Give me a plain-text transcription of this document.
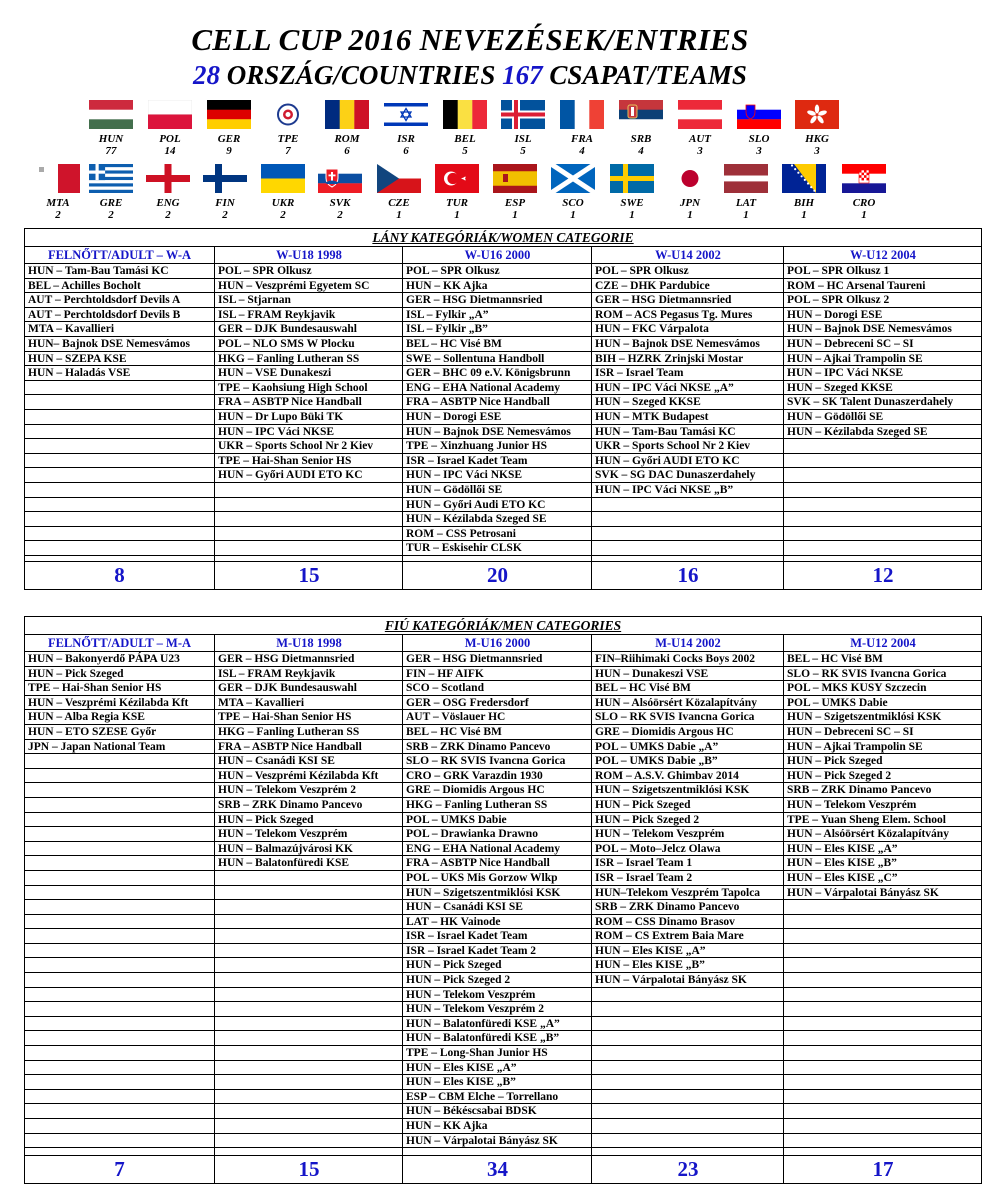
CELL CUP 2016 NEVEZÉSEK/ENTRIES
28 ORSZÁG/COUNTRIES 167 CSAPAT/TEAMS
HUN
77
POL
14
GER
9
TPE
7
ROM
6
ISR
6
BEL
5
ISL
5
FRA
4
SRB
4
AUT
3
SLO
3
HKG
3
MTA
2
GRE
2
ENG
2
FIN
2
UKR
2
SVK
2
CZE
1
TUR
1
ESP
1
SCO
1
SWE
1
JPN
1
LAT
1
BIH
1
CRO
1
LÁNY KATEGÓRIÁK/WOMEN CATEGORIE
FELNŐTT/ADULT – W-A
HUN – Tam-Bau Tamási KC
BEL – Achilles Bocholt
AUT – Perchtoldsdorf Devils A
AUT – Perchtoldsdorf Devils B
MTA – Kavallieri
HUN– Bajnok DSE Nemesvámos
HUN – SZEPA KSE
HUN – Haladás VSE
8
W-U18 1998
POL – SPR Olkusz
HUN – Veszprémi Egyetem SC
ISL – Stjarnan
ISL – FRAM Reykjavik
GER – DJK Bundesauswahl
POL – NLO SMS W Plocku
HKG – Fanling Lutheran SS
HUN – VSE Dunakeszi
TPE – Kaohsiung High School
FRA – ASBTP Nice Handball
HUN – Dr Lupo Büki TK
HUN – IPC Váci NKSE
UKR – Sports School Nr 2 Kiev
TPE – Hai-Shan Senior HS
HUN – Győri AUDI ETO KC
15
W-U16 2000
POL – SPR Olkusz
HUN – KK Ajka
GER – HSG Dietmannsried
ISL – Fylkir „A”
ISL – Fylkir „B”
BEL – HC Visé BM
SWE – Sollentuna Handboll
GER – BHC 09 e.V. Königsbrunn
ENG – EHA National Academy
FRA – ASBTP Nice Handball
HUN – Dorogi ESE
HUN – Bajnok DSE Nemesvámos
TPE – Xinzhuang Junior HS
ISR – Israel Kadet Team
HUN – IPC Váci NKSE
HUN – Gödöllői SE
HUN – Győri Audi ETO KC
HUN – Kézilabda Szeged SE
ROM – CSS Petrosani
TUR – Eskisehir CLSK
20
W-U14 2002
POL – SPR Olkusz
CZE – DHK Pardubice
GER – HSG Dietmannsried
ROM – ACS Pegasus Tg. Mures
HUN – FKC Várpalota
HUN – Bajnok DSE Nemesvámos
BIH – HZRK Zrinjski Mostar
ISR – Israel Team
HUN – IPC Váci NKSE „A”
HUN – Szeged KKSE
HUN – MTK Budapest
HUN – Tam-Bau Tamási KC
UKR – Sports School Nr 2 Kiev
HUN – Győri AUDI ETO KC
SVK – SG DAC Dunaszerdahely
HUN – IPC Váci NKSE „B”
16
W-U12 2004
POL – SPR Olkusz 1
ROM – HC Arsenal Taureni
POL – SPR Olkusz 2
HUN – Dorogi ESE
HUN – Bajnok DSE Nemesvámos
HUN – Debreceni SC – SI
HUN – Ajkai Trampolin SE
HUN – IPC Váci NKSE
HUN – Szeged KKSE
SVK – SK Talent Dunaszerdahely
HUN – Gödöllői SE
HUN – Kézilabda Szeged SE
12
FIÚ KATEGÓRIÁK/MEN CATEGORIES
FELNŐTT/ADULT – M-A
HUN – Bakonyerdő PÁPA U23
HUN – Pick Szeged
TPE – Hai-Shan Senior HS
HUN – Veszprémi Kézilabda Kft
HUN – Alba Regia KSE
HUN – ETO SZESE Győr
JPN – Japan National Team
7
M-U18 1998
GER – HSG Dietmannsried
ISL – FRAM Reykjavik
GER – DJK Bundesauswahl
MTA – Kavallieri
TPE – Hai-Shan Senior HS
HKG – Fanling Lutheran SS
FRA – ASBTP Nice Handball
HUN – Csanádi KSI SE
HUN – Veszprémi Kézilabda Kft
HUN – Telekom Veszprém 2
SRB – ZRK Dinamo Pancevo
HUN – Pick Szeged
HUN – Telekom Veszprém
HUN – Balmazújvárosi KK
HUN – Balatonfüredi KSE
15
M-U16 2000
GER – HSG Dietmannsried
FIN – HF AIFK
SCO – Scotland
GER – OSG Fredersdorf
AUT – Vöslauer HC
BEL – HC Visé BM
SRB – ZRK Dinamo Pancevo
SLO – RK SVIS Ivancna Gorica
CRO – GRK Varazdin 1930
GRE – Diomidis Argous HC
HKG – Fanling Lutheran SS
POL – UMKS Dabie
POL – Drawianka Drawno
ENG – EHA National Academy
FRA – ASBTP Nice Handball
POL – UKS Mis Gorzow Wlkp
HUN – Szigetszentmiklósi KSK
HUN – Csanádi KSI SE
LAT – HK Vainode
ISR – Israel Kadet Team
ISR – Israel Kadet Team 2
HUN – Pick Szeged
HUN – Pick Szeged 2
HUN – Telekom Veszprém
HUN – Telekom Veszprém 2
HUN – Balatonfüredi KSE „A”
HUN – Balatonfüredi KSE „B”
TPE – Long-Shan Junior HS
HUN – Eles KISE „A”
HUN – Eles KISE „B”
ESP – CBM Elche – Torrellano
HUN – Békéscsabai BDSK
HUN – KK Ajka
HUN – Várpalotai Bányász SK
34
M-U14 2002
FIN–Riihimaki Cocks Boys 2002
HUN – Dunakeszi VSE
BEL – HC Visé BM
HUN – Alsóörsért Közalapítvány
SLO – RK SVIS Ivancna Gorica
GRE – Diomidis Argous HC
POL – UMKS Dabie „A”
POL – UMKS Dabie „B”
ROM – A.S.V. Ghimbav 2014
HUN – Szigetszentmiklósi KSK
HUN – Pick Szeged
HUN – Pick Szeged 2
HUN – Telekom Veszprém
POL – Moto–Jelcz Olawa
ISR – Israel Team 1
ISR – Israel Team 2
HUN–Telekom Veszprém Tapolca
SRB – ZRK Dinamo Pancevo
ROM – CSS Dinamo Brasov
ROM – CS Extrem Baia Mare
HUN – Eles KISE „A”
HUN – Eles KISE „B”
HUN – Várpalotai Bányász SK
23
M-U12 2004
BEL – HC Visé BM
SLO – RK SVIS Ivancna Gorica
POL – MKS KUSY Szczecin
POL – UMKS Dabie
HUN – Szigetszentmiklósi KSK
HUN – Debreceni SC – SI
HUN – Ajkai Trampolin SE
HUN – Pick Szeged
HUN – Pick Szeged 2
SRB – ZRK Dinamo Pancevo
HUN – Telekom Veszprém
TPE – Yuan Sheng Elem. School
HUN – Alsóörsért Közalapítvány
HUN – Eles KISE „A”
HUN – Eles KISE „B”
HUN – Eles KISE „C”
HUN – Várpalotai Bányász SK
17
